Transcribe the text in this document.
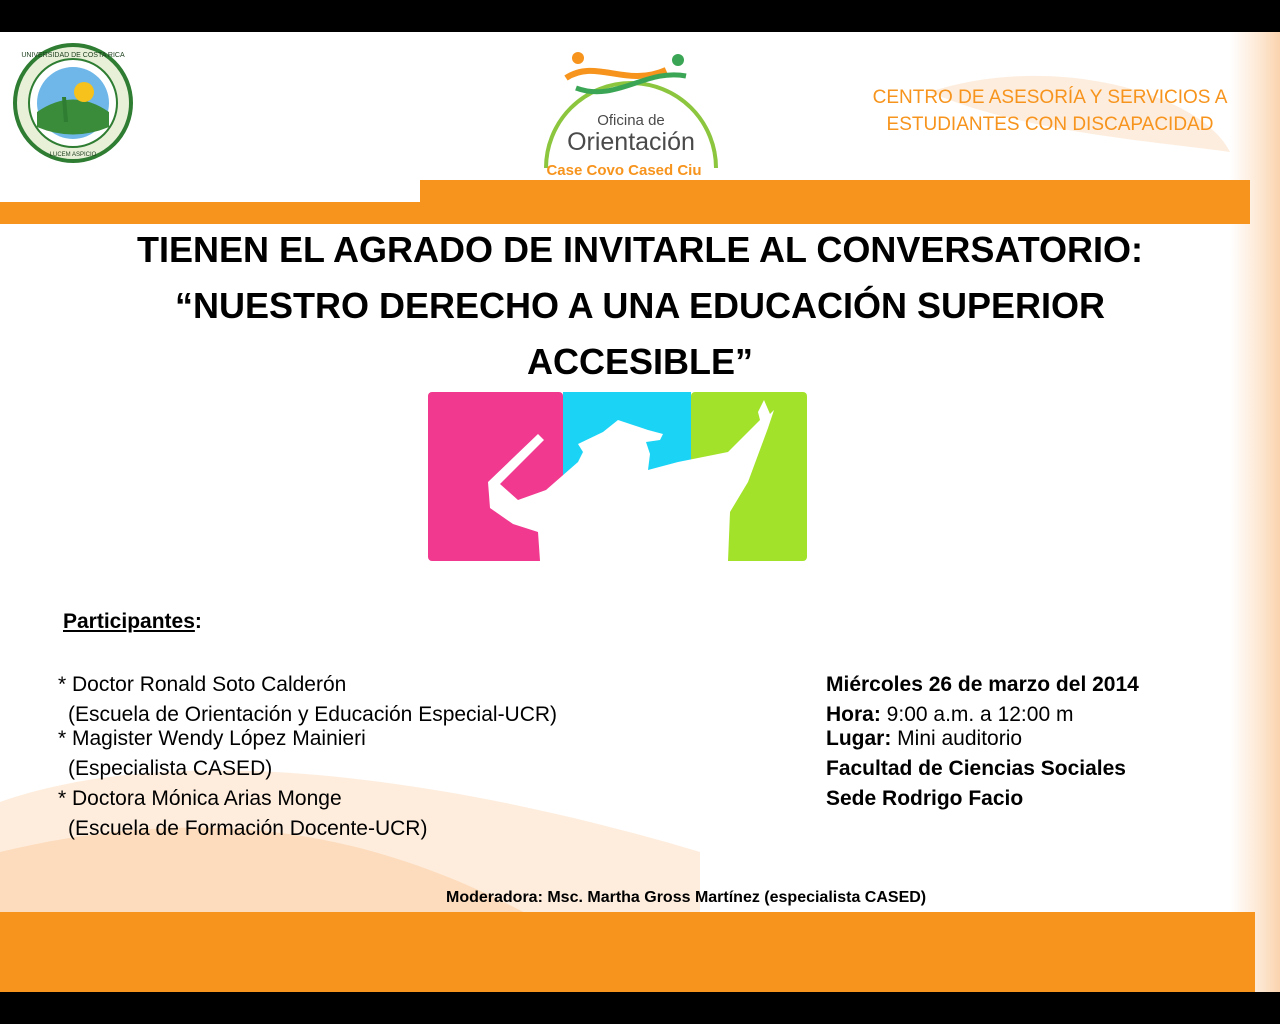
UNIVERSIDAD DE COSTA RICA
LUCEM ASPICIO
Oficina de
Orientación
Case Covo Cased Ciu
CENTRO DE ASESORÍA Y SERVICIOS A
ESTUDIANTES CON DISCAPACIDAD
TIENEN EL AGRADO DE INVITARLE AL CONVERSATORIO:
“NUESTRO DERECHO A UNA EDUCACIÓN SUPERIOR
ACCESIBLE”
Participantes:
* Doctor Ronald Soto Calderón
(Escuela de Orientación y Educación Especial-UCR)
* Magister Wendy López Mainieri
(Especialista CASED)
* Doctora Mónica Arias Monge
(Escuela de Formación Docente-UCR)
Miércoles 26 de marzo del 2014
Hora: 9:00 a.m. a 12:00 m
Lugar: Mini auditorio
Facultad de Ciencias Sociales
Sede Rodrigo Facio
Moderadora: Msc. Martha Gross Martínez (especialista CASED)
